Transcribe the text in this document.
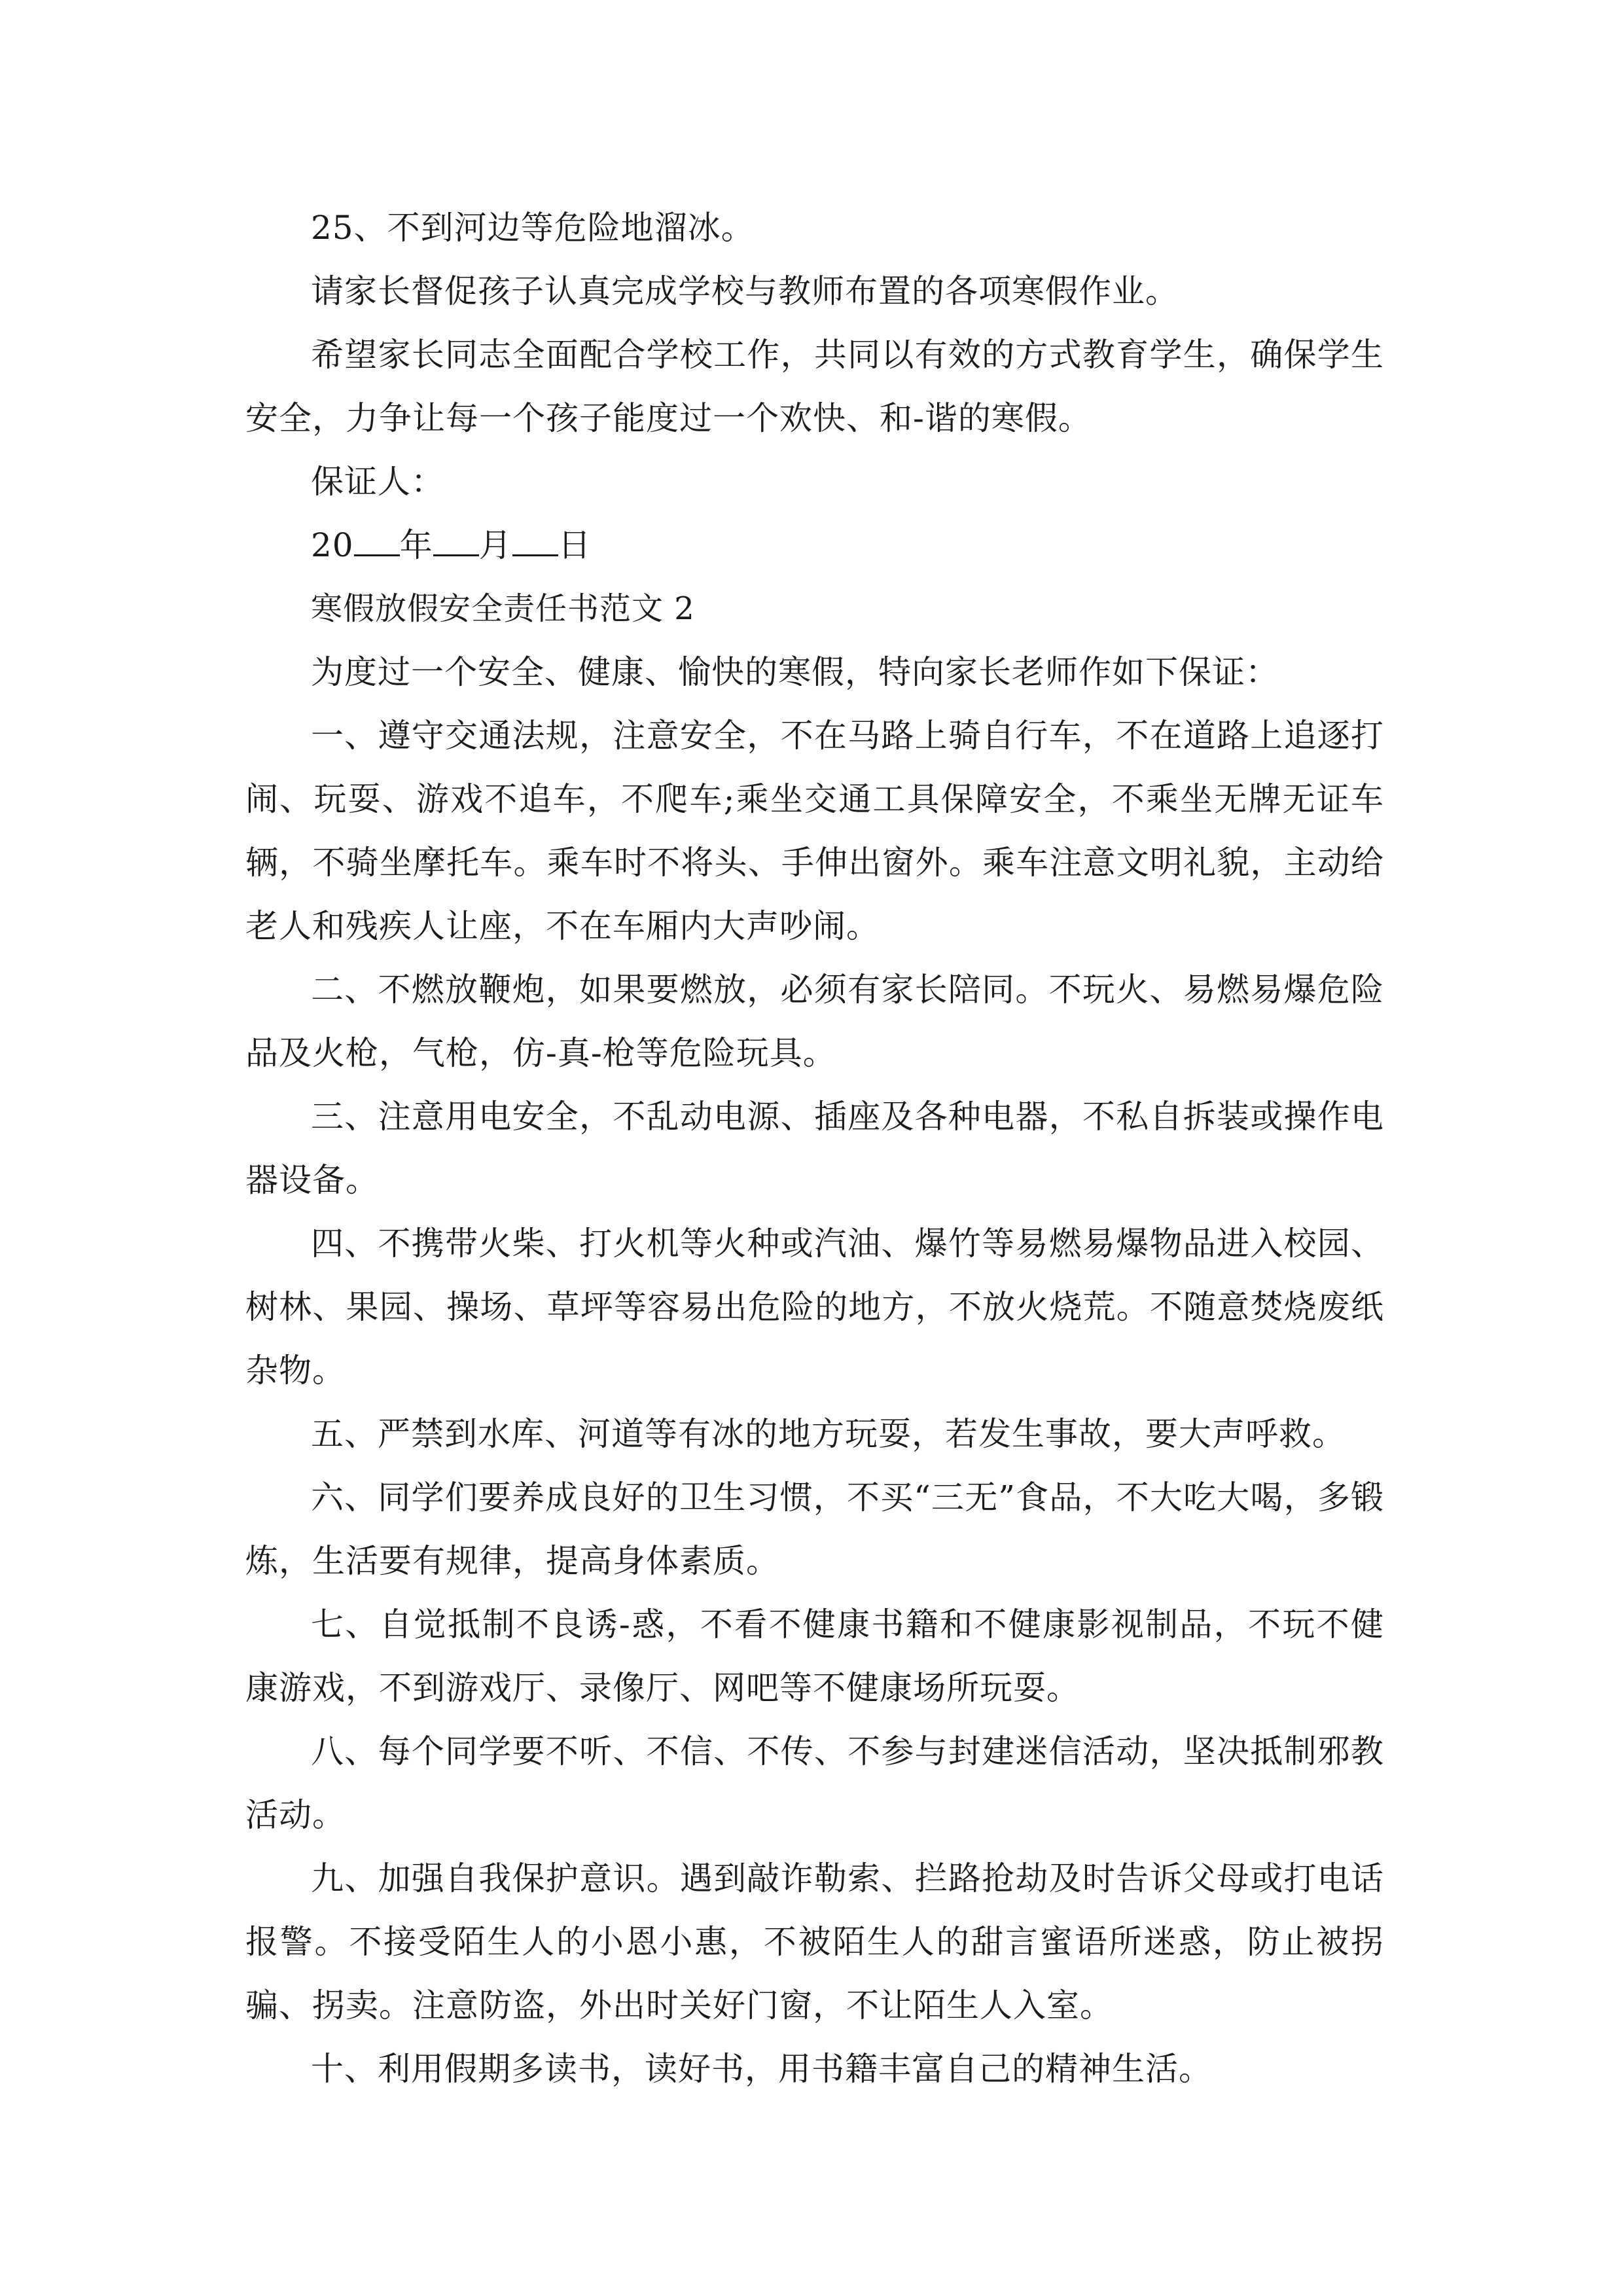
25、不到河边等危险地溜冰。

请家长督促孩子认真完成学校与教师布置的各项寒假作业。

希望家长同志全面配合学校工作，共同以有效的方式教育学生，确保学生安全，力争让每一个孩子能度过一个欢快、和-谐的寒假。

保证人：

20 年 月 日

寒假放假安全责任书范文 2

为度过一个安全、健康、愉快的寒假，特向家长老师作如下保证：

一、遵守交通法规，注意安全，不在马路上骑自行车，不在道路上追逐打闹、玩耍、游戏不追车，不爬车;乘坐交通工具保障安全，不乘坐无牌无证车辆，不骑坐摩托车。乘车时不将头、手伸出窗外。乘车注意文明礼貌，主动给老人和残疾人让座，不在车厢内大声吵闹。

二、不燃放鞭炮，如果要燃放，必须有家长陪同。不玩火、易燃易爆危险品及火枪，气枪，仿-真-枪等危险玩具。

三、注意用电安全，不乱动电源、插座及各种电器，不私自拆装或操作电器设备。

四、不携带火柴、打火机等火种或汽油、爆竹等易燃易爆物品进入校园、树林、果园、操场、草坪等容易出危险的地方，不放火烧荒。不随意焚烧废纸杂物。

五、严禁到水库、河道等有冰的地方玩耍，若发生事故，要大声呼救。

六、同学们要养成良好的卫生习惯，不买“三无”食品，不大吃大喝，多锻炼，生活要有规律，提高身体素质。

七、自觉抵制不良诱-惑，不看不健康书籍和不健康影视制品，不玩不健康游戏，不到游戏厅、录像厅、网吧等不健康场所玩耍。

八、每个同学要不听、不信、不传、不参与封建迷信活动，坚决抵制邪教活动。

九、加强自我保护意识。遇到敲诈勒索、拦路抢劫及时告诉父母或打电话报警。不接受陌生人的小恩小惠，不被陌生人的甜言蜜语所迷惑，防止被拐骗、拐卖。注意防盗，外出时关好门窗，不让陌生人入室。

十、利用假期多读书，读好书，用书籍丰富自己的精神生活。
